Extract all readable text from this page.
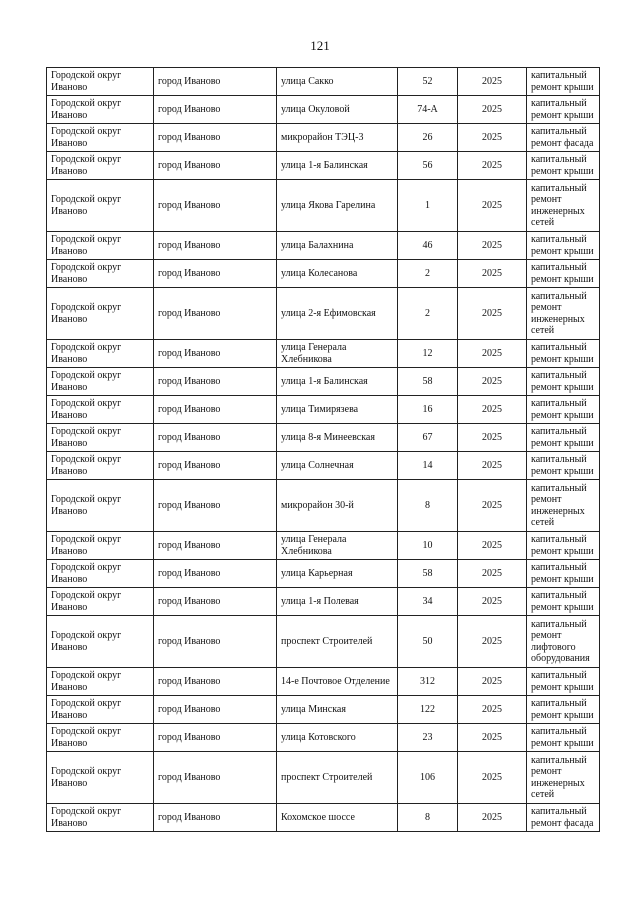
121
Городской округ Иваново	город Иваново	улица Сакко	52	2025	капитальный ремонт крыши

Городской округ Иваново	город Иваново	улица Окуловой	74-А	2025	капитальный ремонт крыши

Городской округ Иваново	город Иваново	микрорайон ТЭЦ-3	26	2025	капитальный ремонт фасада

Городской округ Иваново	город Иваново	улица 1-я Балинская	56	2025	капитальный ремонт крыши

Городской округ Иваново	город Иваново	улица Якова Гарелина	1	2025	капитальный ремонт инженерных сетей

Городской округ Иваново	город Иваново	улица Балахнина	46	2025	капитальный ремонт крыши

Городской округ Иваново	город Иваново	улица Колесанова	2	2025	капитальный ремонт крыши

Городской округ Иваново	город Иваново	улица 2-я Ефимовская	2	2025	капитальный ремонт инженерных сетей

Городской округ Иваново	город Иваново	улица Генерала Хлебникова	12	2025	капитальный ремонт крыши

Городской округ Иваново	город Иваново	улица 1-я Балинская	58	2025	капитальный ремонт крыши

Городской округ Иваново	город Иваново	улица Тимирязева	16	2025	капитальный ремонт крыши

Городской округ Иваново	город Иваново	улица 8-я Минеевская	67	2025	капитальный ремонт крыши

Городской округ Иваново	город Иваново	улица Солнечная	14	2025	капитальный ремонт крыши

Городской округ Иваново	город Иваново	микрорайон 30-й	8	2025	капитальный ремонт инженерных сетей

Городской округ Иваново	город Иваново	улица Генерала Хлебникова	10	2025	капитальный ремонт крыши

Городской округ Иваново	город Иваново	улица Карьерная	58	2025	капитальный ремонт крыши

Городской округ Иваново	город Иваново	улица 1-я Полевая	34	2025	капитальный ремонт крыши

Городской округ Иваново	город Иваново	проспект Строителей	50	2025	капитальный ремонт лифтового оборудования

Городской округ Иваново	город Иваново	14-е Почтовое Отделение	312	2025	капитальный ремонт крыши

Городской округ Иваново	город Иваново	улица Минская	122	2025	капитальный ремонт крыши

Городской округ Иваново	город Иваново	улица Котовского	23	2025	капитальный ремонт крыши

Городской округ Иваново	город Иваново	проспект Строителей	106	2025	капитальный ремонт инженерных сетей

Городской округ Иваново	город Иваново	Кохомское шоссе	8	2025	капитальный ремонт фасада
